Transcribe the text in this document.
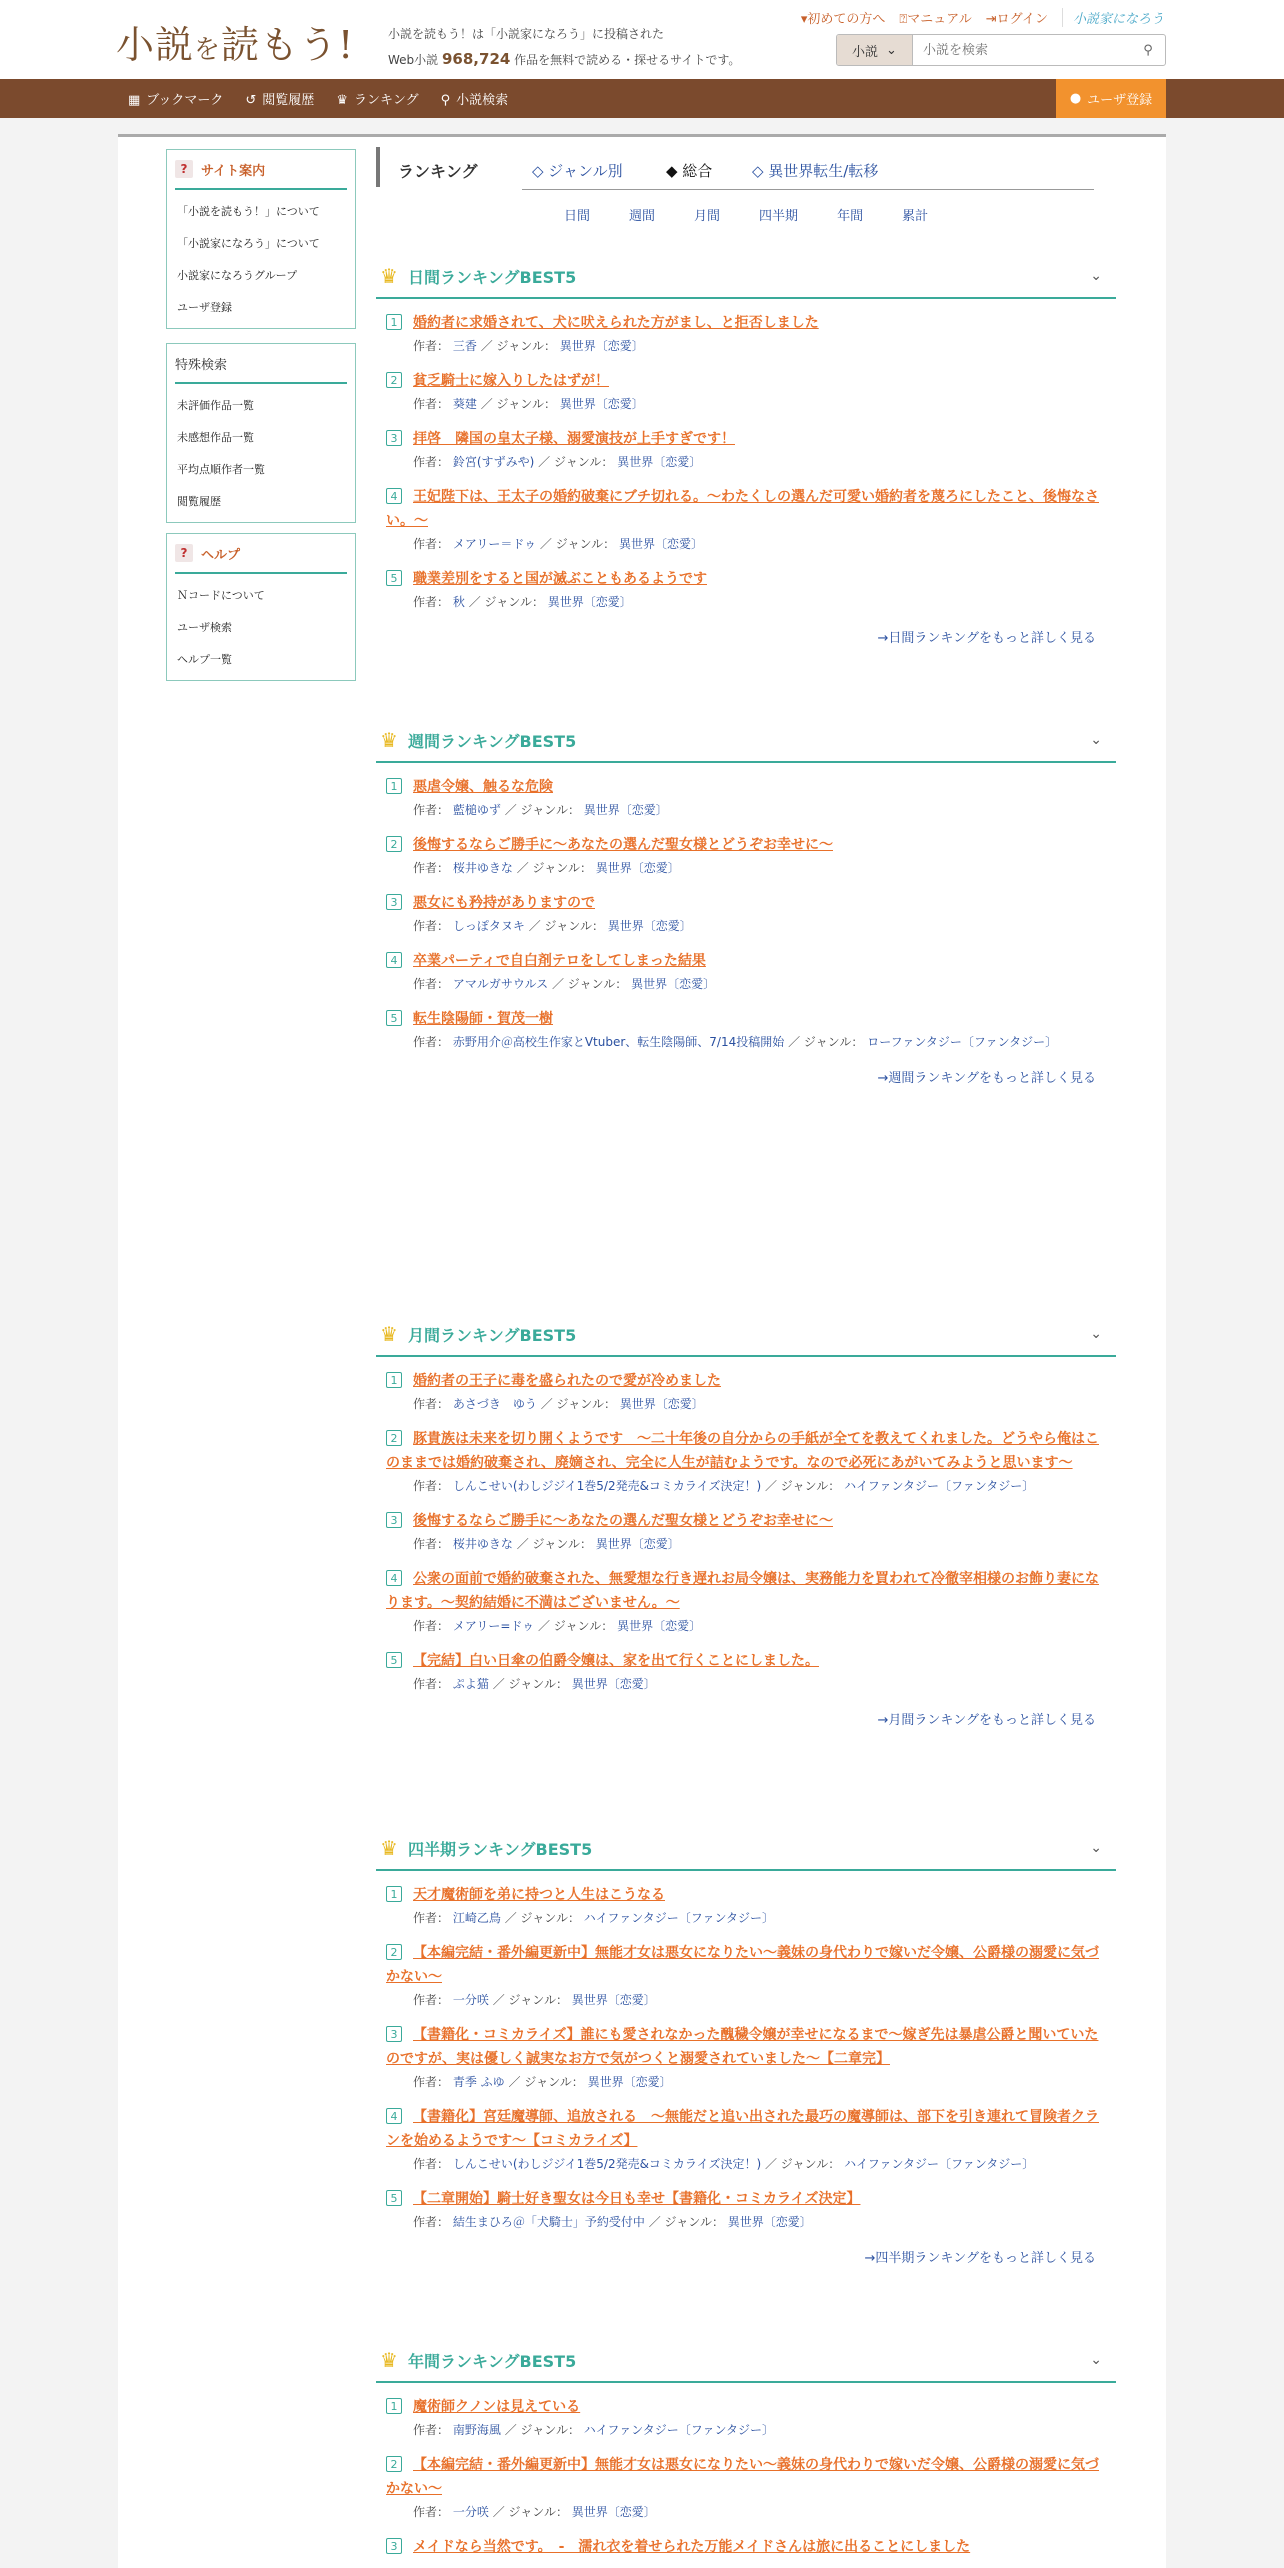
小説を読もう!	小説を読もう！は「小説家になろう」に投稿された
Web小説 968,724 作品を無料で読める・探せるサイトです。
▾初めての方へ ⍰マニュアル ⇥ログイン	小説家になろう
小説 ⌄
小説を検索	⚲
▦ ブックマーク ↺ 閲覧履歴 ♛ ランキング ⚲ 小説検索	● ユーザ登録
?	サイト案内
「小説を読もう！」について
「小説家になろう」について
小説家になろうグループ
ユーザ登録
特殊検索
未評価作品一覧
未感想作品一覧
平均点順作者一覧
閲覧履歴
?	ヘルプ
Ｎコードについて
ユーザ検索
ヘルプ一覧
ランキング	◇ ジャンル別	◆ 総合	◇ 異世界転生/転移
日間	週間	月間	四半期	年間	累計
♛ 日間ランキングBEST5	⌄
1	婚約者に求婚されて、犬に吠えられた方がまし、と拒否しました
作者： 三香 ／ ジャンル： 異世界〔恋愛〕
2	貧乏騎士に嫁入りしたはずが！
作者： 葵建 ／ ジャンル： 異世界〔恋愛〕
3	拝啓　隣国の皇太子様、溺愛演技が上手すぎです！
作者： 鈴宮(すずみや) ／ ジャンル： 異世界〔恋愛〕
4	王妃陛下は、王太子の婚約破棄にブチ切れる。～わたくしの選んだ可愛い婚約者を蔑ろにしたこと、後悔なさい。～
作者： メアリー＝ドゥ ／ ジャンル： 異世界〔恋愛〕
5	職業差別をすると国が滅ぶこともあるようです
作者： 秋 ／ ジャンル： 異世界〔恋愛〕
→日間ランキングをもっと詳しく見る
♛ 週間ランキングBEST5	⌄
1	悪虐令嬢、触るな危険
作者： 藍槌ゆず ／ ジャンル： 異世界〔恋愛〕
2	後悔するならご勝手に～あなたの選んだ聖女様とどうぞお幸せに～
作者： 桜井ゆきな ／ ジャンル： 異世界〔恋愛〕
3	悪女にも矜持がありますので
作者： しっぽタヌキ ／ ジャンル： 異世界〔恋愛〕
4	卒業パーティで自白剤テロをしてしまった結果
作者： アマルガサウルス ／ ジャンル： 異世界〔恋愛〕
5	転生陰陽師・賀茂一樹
作者： 赤野用介＠高校生作家とVtuber、転生陰陽師、7/14投稿開始 ／ ジャンル： ローファンタジー〔ファンタジー〕
→週間ランキングをもっと詳しく見る
♛ 月間ランキングBEST5	⌄
1	婚約者の王子に毒を盛られたので愛が冷めました
作者： あさづき　ゆう ／ ジャンル： 異世界〔恋愛〕
2	豚貴族は未来を切り開くようです　～二十年後の自分からの手紙が全てを教えてくれました。どうやら俺はこのままでは婚約破棄され、廃嫡され、完全に人生が詰むようです。なので必死にあがいてみようと思います～
作者： しんこせい(わしジジイ1巻5/2発売&コミカライズ決定！) ／ ジャンル： ハイファンタジー〔ファンタジー〕
3	後悔するならご勝手に～あなたの選んだ聖女様とどうぞお幸せに～
作者： 桜井ゆきな ／ ジャンル： 異世界〔恋愛〕
4	公衆の面前で婚約破棄された、無愛想な行き遅れお局令嬢は、実務能力を買われて冷徹宰相様のお飾り妻になります。～契約結婚に不満はございません。～
作者： メアリー=ドゥ ／ ジャンル： 異世界〔恋愛〕
5	【完結】白い日傘の伯爵令嬢は、家を出て行くことにしました。
作者： ぷよ猫 ／ ジャンル： 異世界〔恋愛〕
→月間ランキングをもっと詳しく見る
♛ 四半期ランキングBEST5	⌄
1	天才魔術師を弟に持つと人生はこうなる
作者： 江崎乙鳥 ／ ジャンル： ハイファンタジー〔ファンタジー〕
2	【本編完結・番外編更新中】無能才女は悪女になりたい～義妹の身代わりで嫁いだ令嬢、公爵様の溺愛に気づかない～
作者： 一分咲 ／ ジャンル： 異世界〔恋愛〕
3	【書籍化・コミカライズ】誰にも愛されなかった醜穢令嬢が幸せになるまで〜嫁ぎ先は暴虐公爵と聞いていたのですが、実は優しく誠実なお方で気がつくと溺愛されていました〜【二章完】
作者： 青季 ふゆ ／ ジャンル： 異世界〔恋愛〕
4	【書籍化】宮廷魔導師、追放される　～無能だと追い出された最巧の魔導師は、部下を引き連れて冒険者クランを始めるようです～【コミカライズ】
作者： しんこせい(わしジジイ1巻5/2発売&コミカライズ決定！) ／ ジャンル： ハイファンタジー〔ファンタジー〕
5	【二章開始】騎士好き聖女は今日も幸せ【書籍化・コミカライズ決定】
作者： 結生まひろ＠「犬騎士」予約受付中 ／ ジャンル： 異世界〔恋愛〕
→四半期ランキングをもっと詳しく見る
♛ 年間ランキングBEST5	⌄
1	魔術師クノンは見えている
作者： 南野海風 ／ ジャンル： ハイファンタジー〔ファンタジー〕
2	【本編完結・番外編更新中】無能才女は悪女になりたい～義妹の身代わりで嫁いだ令嬢、公爵様の溺愛に気づかない～
作者： 一分咲 ／ ジャンル： 異世界〔恋愛〕
3	メイドなら当然です。　-　濡れ衣を着せられた万能メイドさんは旅に出ることにしました
